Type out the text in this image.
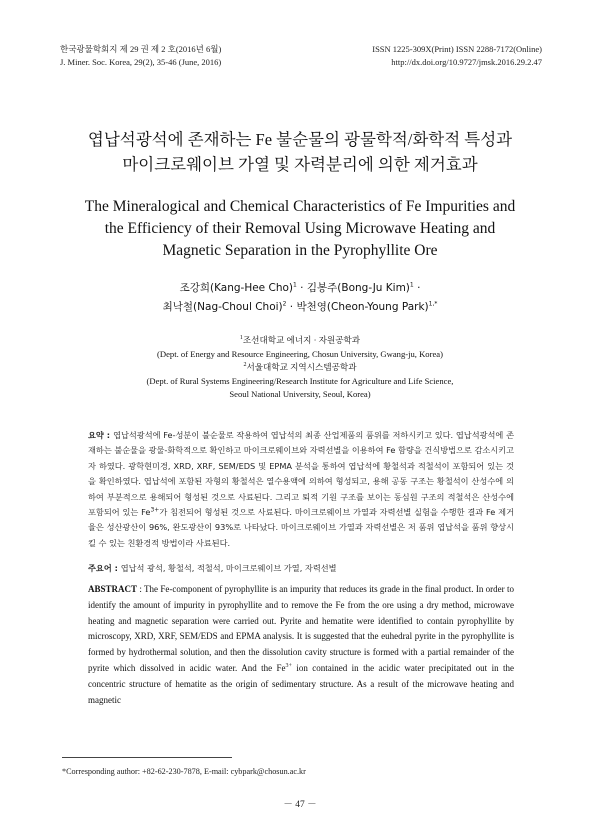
한국광물학회지 제 29 권 제 2 호(2016년 6월)
J. Miner. Soc. Korea, 29(2), 35-46 (June, 2016)
ISSN 1225-309X(Print) ISSN 2288-7172(Online)
http://dx.doi.org/10.9727/jmsk.2016.29.2.47
엽납석광석에 존재하는 Fe 불순물의 광물학적/화학적 특성과
마이크로웨이브 가열 및 자력분리에 의한 제거효과
The Mineralogical and Chemical Characteristics of Fe Impurities and
the Efficiency of their Removal Using Microwave Heating and
Magnetic Separation in the Pyrophyllite Ore
조강희(Kang-Hee Cho)$^1$ · 김봉주(Bong-Ju Kim)$^1$ ·
최낙철(Nag-Choul Choi)$^2$ · 박천영(Cheon-Young Park)$^{1,*}$
$^1$조선대학교 에너지 · 자원공학과
(Dept. of Energy and Resource Engineering, Chosun University, Gwang-ju, Korea)
$^2$서울대학교 지역시스템공학과
(Dept. of Rural Systems Engineering/Research Institute for Agriculture and Life Science,
Seoul National University, Seoul, Korea)
요약 : 엽납석광석에 Fe-성분이 불순물로 작용하여 엽납석의 최종 산업제품의 품위를 저하시키고 있다. 엽납석광석에 존재하는 불순물을 광물-화학적으로 확인하고 마이크로웨이브와 자력선별을 이용하여 Fe 함량을 건식방법으로 감소시키고자 하였다. 광학현미경, XRD, XRF, SEM/EDS 및 EPMA 분석을 통하여 엽납석에 황철석과 적철석이 포함되어 있는 것을 확인하였다. 엽납석에 포함된 자형의 황철석은 열수용액에 의하여 형성되고, 용해 공동 구조는 황철석이 산성수에 의하여 부분적으로 용해되어 형성된 것으로 사료된다. 그리고 퇴적 기원 구조를 보이는 동심원 구조의 적철석은 산성수에 포함되어 있는 $Fe^{3+}$가 침전되어 형성된 것으로 사료된다. 마이크로웨이브 가열과 자력선별 실험을 수행한 결과 Fe 제거율은 성산광산이 96%, 완도광산이 93%로 나타났다. 마이크로웨이브 가열과 자력선별은 저 품위 엽납석을 품위 향상시킬 수 있는 친환경적 방법이라 사료된다.
주요어 : 엽납석 광석, 황철석, 적철석, 마이크로웨이브 가열, 자력선별
ABSTRACT : The Fe-component of pyrophyllite is an impurity that reduces its grade in the final product. In order to identify the amount of impurity in pyrophyllite and to remove the Fe from the ore using a dry method, microwave heating and magnetic separation were carried out. Pyrite and hematite were identified to contain pyrophyllite by microscopy, XRD, XRF, SEM/EDS and EPMA analysis. It is suggested that the euhedral pyrite in the pyrophyllite is formed by hydrothermal solution, and then the dissolution cavity structure is formed with a partial remainder of the pyrite which dissolved in acidic water. And the $Fe^{3+}$ ion contained in the acidic water precipitated out in the concentric structure of hematite as the origin of sedimentary structure. As a result of the microwave heating and magnetic
*Corresponding author: +82-62-230-7878, E-mail: cybpark@chosun.ac.kr
－ 47 －
